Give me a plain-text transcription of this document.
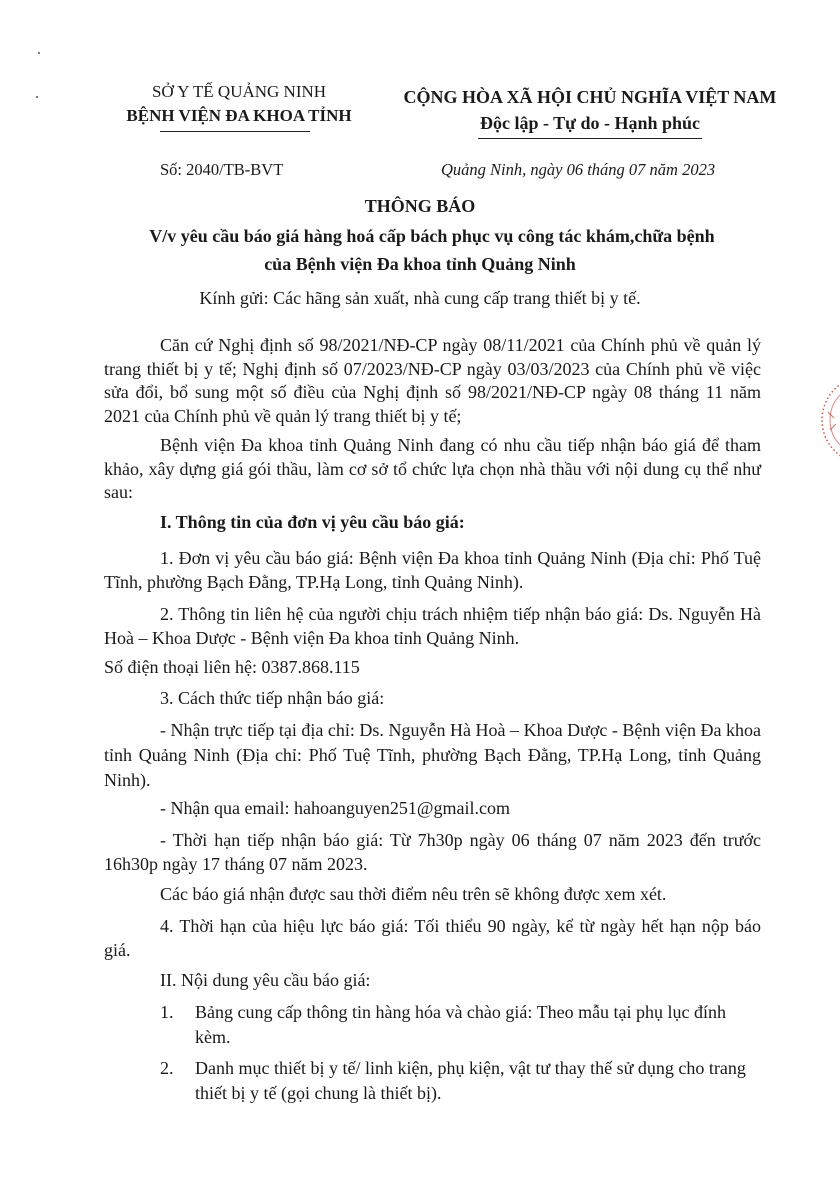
SỞ Y TẾ QUẢNG NINH
BỆNH VIỆN ĐA KHOA TỈNH
CỘNG HÒA XÃ HỘI CHỦ NGHĨA VIỆT NAM
Độc lập - Tự do - Hạnh phúc
Số: 2040/TB-BVT	Quảng Ninh, ngày 06 tháng 07 năm 2023
THÔNG BÁO
V/v yêu cầu báo giá hàng hoá cấp bách phục vụ công tác khám,chữa bệnh
của Bệnh viện Đa khoa tỉnh Quảng Ninh
Kính gửi: Các hãng sản xuất, nhà cung cấp trang thiết bị y tế.
Căn cứ Nghị định số 98/2021/NĐ-CP ngày 08/11/2021 của Chính phủ về quản lý trang thiết bị y tế; Nghị định số 07/2023/NĐ-CP ngày 03/03/2023 của Chính phủ về việc sửa đổi, bổ sung một số điều của Nghị định số 98/2021/NĐ-CP ngày 08 tháng 11 năm 2021 của Chính phủ về quản lý trang thiết bị y tế;
Bệnh viện Đa khoa tỉnh Quảng Ninh đang có nhu cầu tiếp nhận báo giá để tham khảo, xây dựng giá gói thầu, làm cơ sở tổ chức lựa chọn nhà thầu với nội dung cụ thể như sau:
I. Thông tin của đơn vị yêu cầu báo giá:
1. Đơn vị yêu cầu báo giá: Bệnh viện Đa khoa tỉnh Quảng Ninh (Địa chỉ: Phố Tuệ Tĩnh, phường Bạch Đằng, TP.Hạ Long, tỉnh Quảng Ninh).
2. Thông tin liên hệ của người chịu trách nhiệm tiếp nhận báo giá: Ds. Nguyễn Hà Hoà – Khoa Dược - Bệnh viện Đa khoa tỉnh Quảng Ninh.
Số điện thoại liên hệ: 0387.868.115
3. Cách thức tiếp nhận báo giá:
- Nhận trực tiếp tại địa chỉ: Ds. Nguyễn Hà Hoà – Khoa Dược - Bệnh viện Đa khoa tỉnh Quảng Ninh (Địa chỉ: Phố Tuệ Tĩnh, phường Bạch Đằng, TP.Hạ Long, tỉnh Quảng Ninh).
- Nhận qua email: hahoanguyen251@gmail.com
- Thời hạn tiếp nhận báo giá: Từ 7h30p ngày 06 tháng 07 năm 2023 đến trước 16h30p ngày 17 tháng 07 năm 2023.
Các báo giá nhận được sau thời điểm nêu trên sẽ không được xem xét.
4. Thời hạn của hiệu lực báo giá: Tối thiểu 90 ngày, kể từ ngày hết hạn nộp báo giá.
II. Nội dung yêu cầu báo giá:
1.	Bảng cung cấp thông tin hàng hóa và chào giá: Theo mẫu tại phụ lục đính kèm.
2.	Danh mục thiết bị y tế/ linh kiện, phụ kiện, vật tư thay thế sử dụng cho trang thiết bị y tế (gọi chung là thiết bị).
